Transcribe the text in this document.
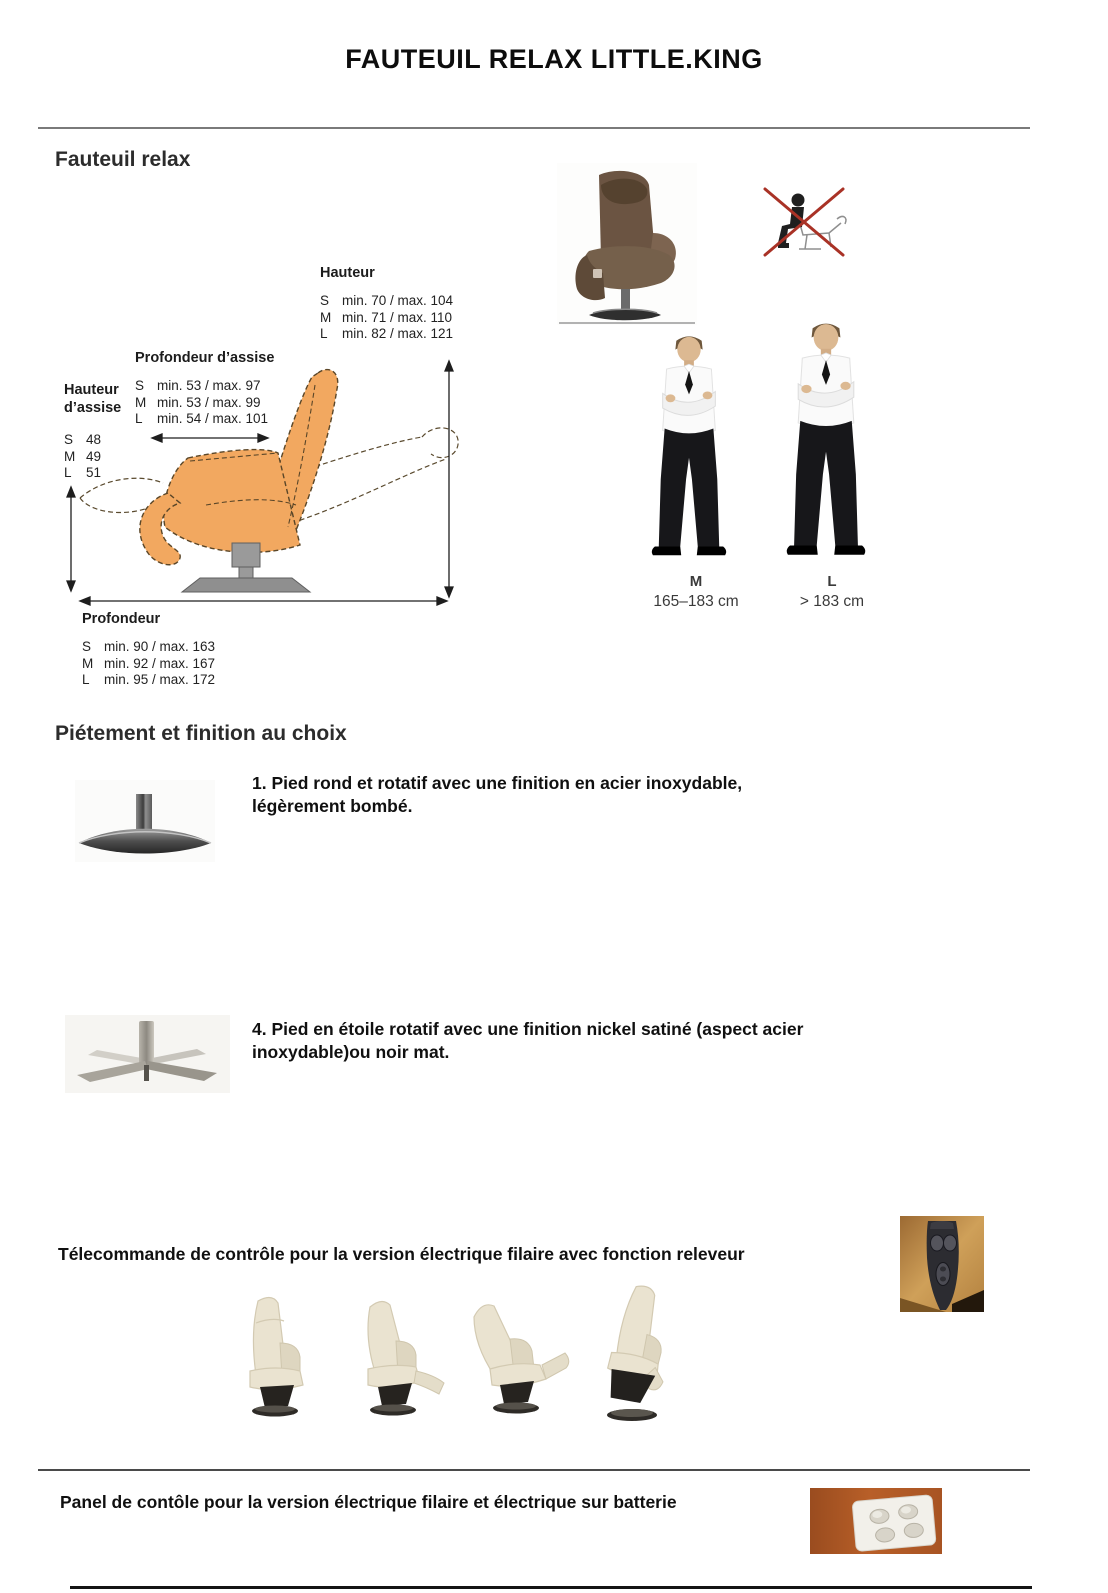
FAUTEUIL RELAX LITTLE.KING
Fauteuil relax
Hauteur
S min. 70 / max. 104
M min. 71 / max. 110
L	min. 82 / max. 121
Profondeur d’assise
S min. 53 / max. 97
M min. 53 / max. 99
L	min. 54 / max. 101
Hauteur
d’assise
S 48
M 49
L	51
Profondeur
S min. 90 / max. 163
M min. 92 / max. 167
L	min. 95 / max. 172
M
165–183 cm
L
> 183 cm
Piétement et finition au choix
1. Pied rond et rotatif avec une finition en acier inoxydable, légèrement bombé.
4. Pied en étoile rotatif avec une finition nickel satiné (aspect acier inoxydable)ou noir mat.
Télecommande de contrôle pour la version électrique filaire avec fonction releveur
Panel de contôle pour la version électrique filaire et électrique sur batterie
